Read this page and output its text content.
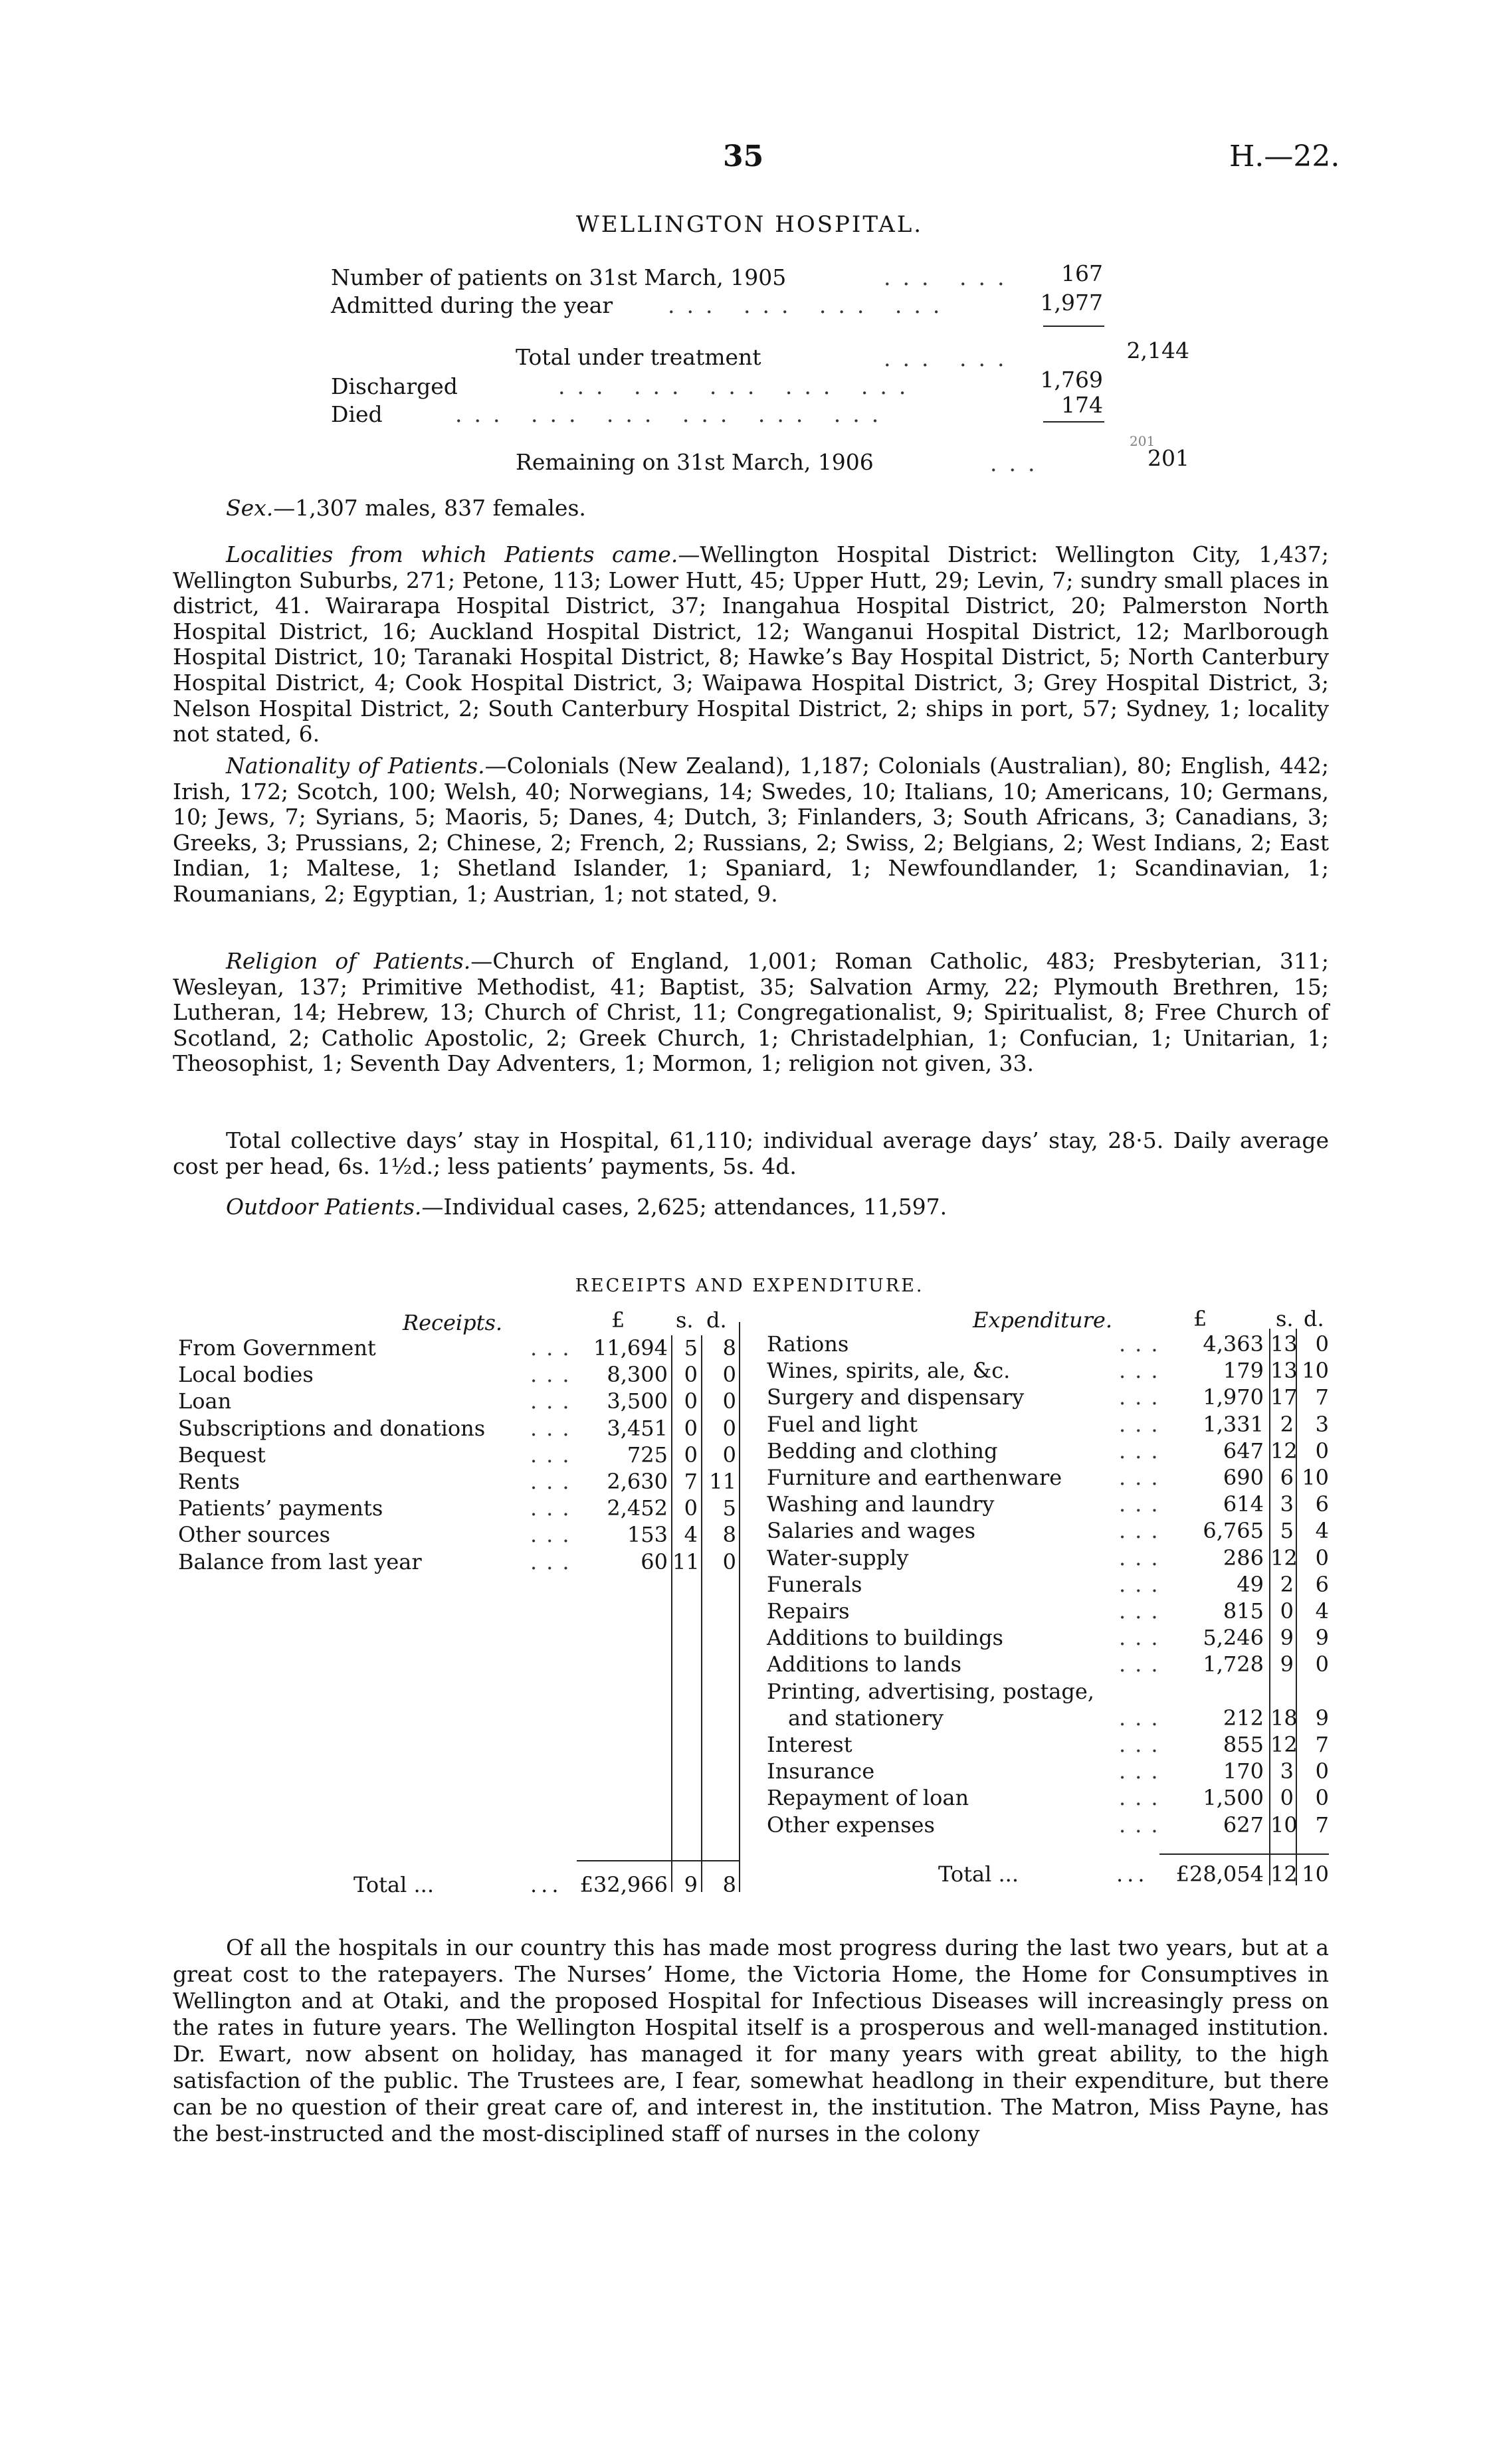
35	H.—22.
WELLINGTON HOSPITAL.
Number of patients on 31st March, 1905	... ...	167
Admitted during the year	... ... ... ...	1,977
Total under treatment	... ...	2,144
Discharged	... ... ... ... ...	1,769
Died	... ... ... ... ... ...	174
201
Remaining on 31st March, 1906	...	201
Sex.—1,307 males, 837 females.
Localities from which Patients came.—Wellington Hospital District: Wellington City, 1,437; Wellington Suburbs, 271; Petone, 113; Lower Hutt, 45; Upper Hutt, 29; Levin, 7; sundry small places in district, 41. Wairarapa Hospital District, 37; Inangahua Hospital District, 20; Palmerston North Hospital District, 16; Auckland Hospital District, 12; Wanganui Hospital District, 12; Marlborough Hospital District, 10; Taranaki Hospital District, 8; Hawke’s Bay Hospital District, 5; North Canterbury Hospital District, 4; Cook Hospital District, 3; Waipawa Hospital District, 3; Grey Hospital District, 3; Nelson Hospital District, 2; South Canterbury Hospital District, 2; ships in port, 57; Sydney, 1; locality not stated, 6.
Nationality of Patients.—Colonials (New Zealand), 1,187; Colonials (Australian), 80; English, 442; Irish, 172; Scotch, 100; Welsh, 40; Norwegians, 14; Swedes, 10; Italians, 10; Americans, 10; Germans, 10; Jews, 7; Syrians, 5; Maoris, 5; Danes, 4; Dutch, 3; Finlanders, 3; South Africans, 3; Canadians, 3; Greeks, 3; Prussians, 2; Chinese, 2; French, 2; Russians, 2; Swiss, 2; Belgians, 2; West Indians, 2; East Indian, 1; Maltese, 1; Shetland Islander, 1; Spaniard, 1; Newfoundlander, 1; Scandinavian, 1; Roumanians, 2; Egyptian, 1; Austrian, 1; not stated, 9.
Religion of Patients.—Church of England, 1,001; Roman Catholic, 483; Presbyterian, 311; Wesleyan, 137; Primitive Methodist, 41; Baptist, 35; Salvation Army, 22; Plymouth Brethren, 15; Lutheran, 14; Hebrew, 13; Church of Christ, 11; Congregationalist, 9; Spiritualist, 8; Free Church of Scotland, 2; Catholic Apostolic, 2; Greek Church, 1; Christadelphian, 1; Confucian, 1; Unitarian, 1; Theosophist, 1; Seventh Day Adventers, 1; Mormon, 1; religion not given, 33.
Total collective days’ stay in Hospital, 61,110; individual average days’ stay, 28·5. Daily average cost per head, 6s. 1½d.; less patients’ payments, 5s. 4d.
Outdoor Patients.—Individual cases, 2,625; attendances, 11,597.
RECEIPTS AND EXPENDITURE.
Receipts.	£ s. d.	Expenditure.	£	s. d.
From Government	... 11,694 5	8
Local bodies	...	8,300 0	0
Loan	...	3,500 0	0
Subscriptions and donations ...	3,451 0	0
Bequest	...	725 0	0
Rents	...	2,630 7 11
Patients’ payments	...	2,452 0	5
Other sources	...	153 4	8
Balance from last year	...	60 11	0
Rations	...	4,363 13 0
Wines, spirits, ale, &c.	...	179 13 10
Surgery and dispensary	...	1,970 17 7
Fuel and light	...	1,331 2	3
Bedding and clothing	...	647 12 0
Furniture and earthenware	...	690 6 10
Washing and laundry	...	614 3	6
Salaries and wages	...	6,765 5	4
Water-supply	...	286 12 0
Funerals	...	49 2	6
Repairs	...	815 0	4
Additions to buildings	...	5,246 9	9
Additions to lands	...	1,728 9	0
Printing, advertising, postage,
and stationery	...	212 18 9
Interest	...	855 12 7
Insurance	...	170 3	0
Repayment of loan	...	1,500 0	0
Other expenses	...	627 10 7
Total ...	... £32,966 9	8	Total ...	...	£28,054 12 10
Of all the hospitals in our country this has made most progress during the last two years, but at a great cost to the ratepayers. The Nurses’ Home, the Victoria Home, the Home for Consumptives in Wellington and at Otaki, and the proposed Hospital for Infectious Diseases will increasingly press on the rates in future years. The Wellington Hospital itself is a prosperous and well-managed institution. Dr. Ewart, now absent on holiday, has managed it for many years with great ability, to the high satisfaction of the public. The Trustees are, I fear, somewhat headlong in their expenditure, but there can be no question of their great care of, and interest in, the institution. The Matron, Miss Payne, has the best-instructed and the most-disciplined staff of nurses in the colony
